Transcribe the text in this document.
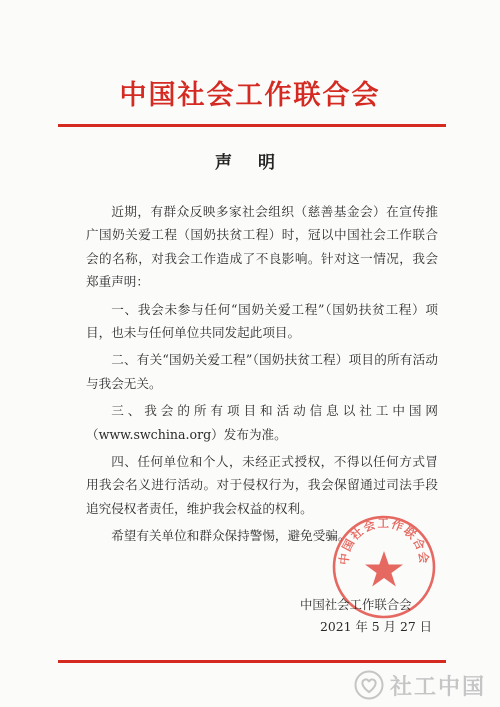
中国社会工作联合会
声 明

近期，有群众反映多家社会组织（慈善基金会）在宣传推广国奶关爱工程（国奶扶贫工程）时，冠以中国社会工作联合会的名称，对我会工作造成了不良影响。针对这一情况，我会郑重声明：

一、我会未参与任何“国奶关爱工程”（国奶扶贫工程）项目，也未与任何单位共同发起此项目。

二、有关“国奶关爱工程”（国奶扶贫工程）项目的所有活动与我会无关。

三、我会的所有项目和活动信息以社工中国网（www.swchina.org）发布为准。

四、任何单位和个人，未经正式授权，不得以任何方式冒用我会名义进行活动。对于侵权行为，我会保留通过司法手段追究侵权者责任，维护我会权益的权利。

希望有关单位和群众保持警惕，避免受骗。

中国社会工作联合会
中国社会工作联合会
2021 年 5 月 27 日
社工中国
